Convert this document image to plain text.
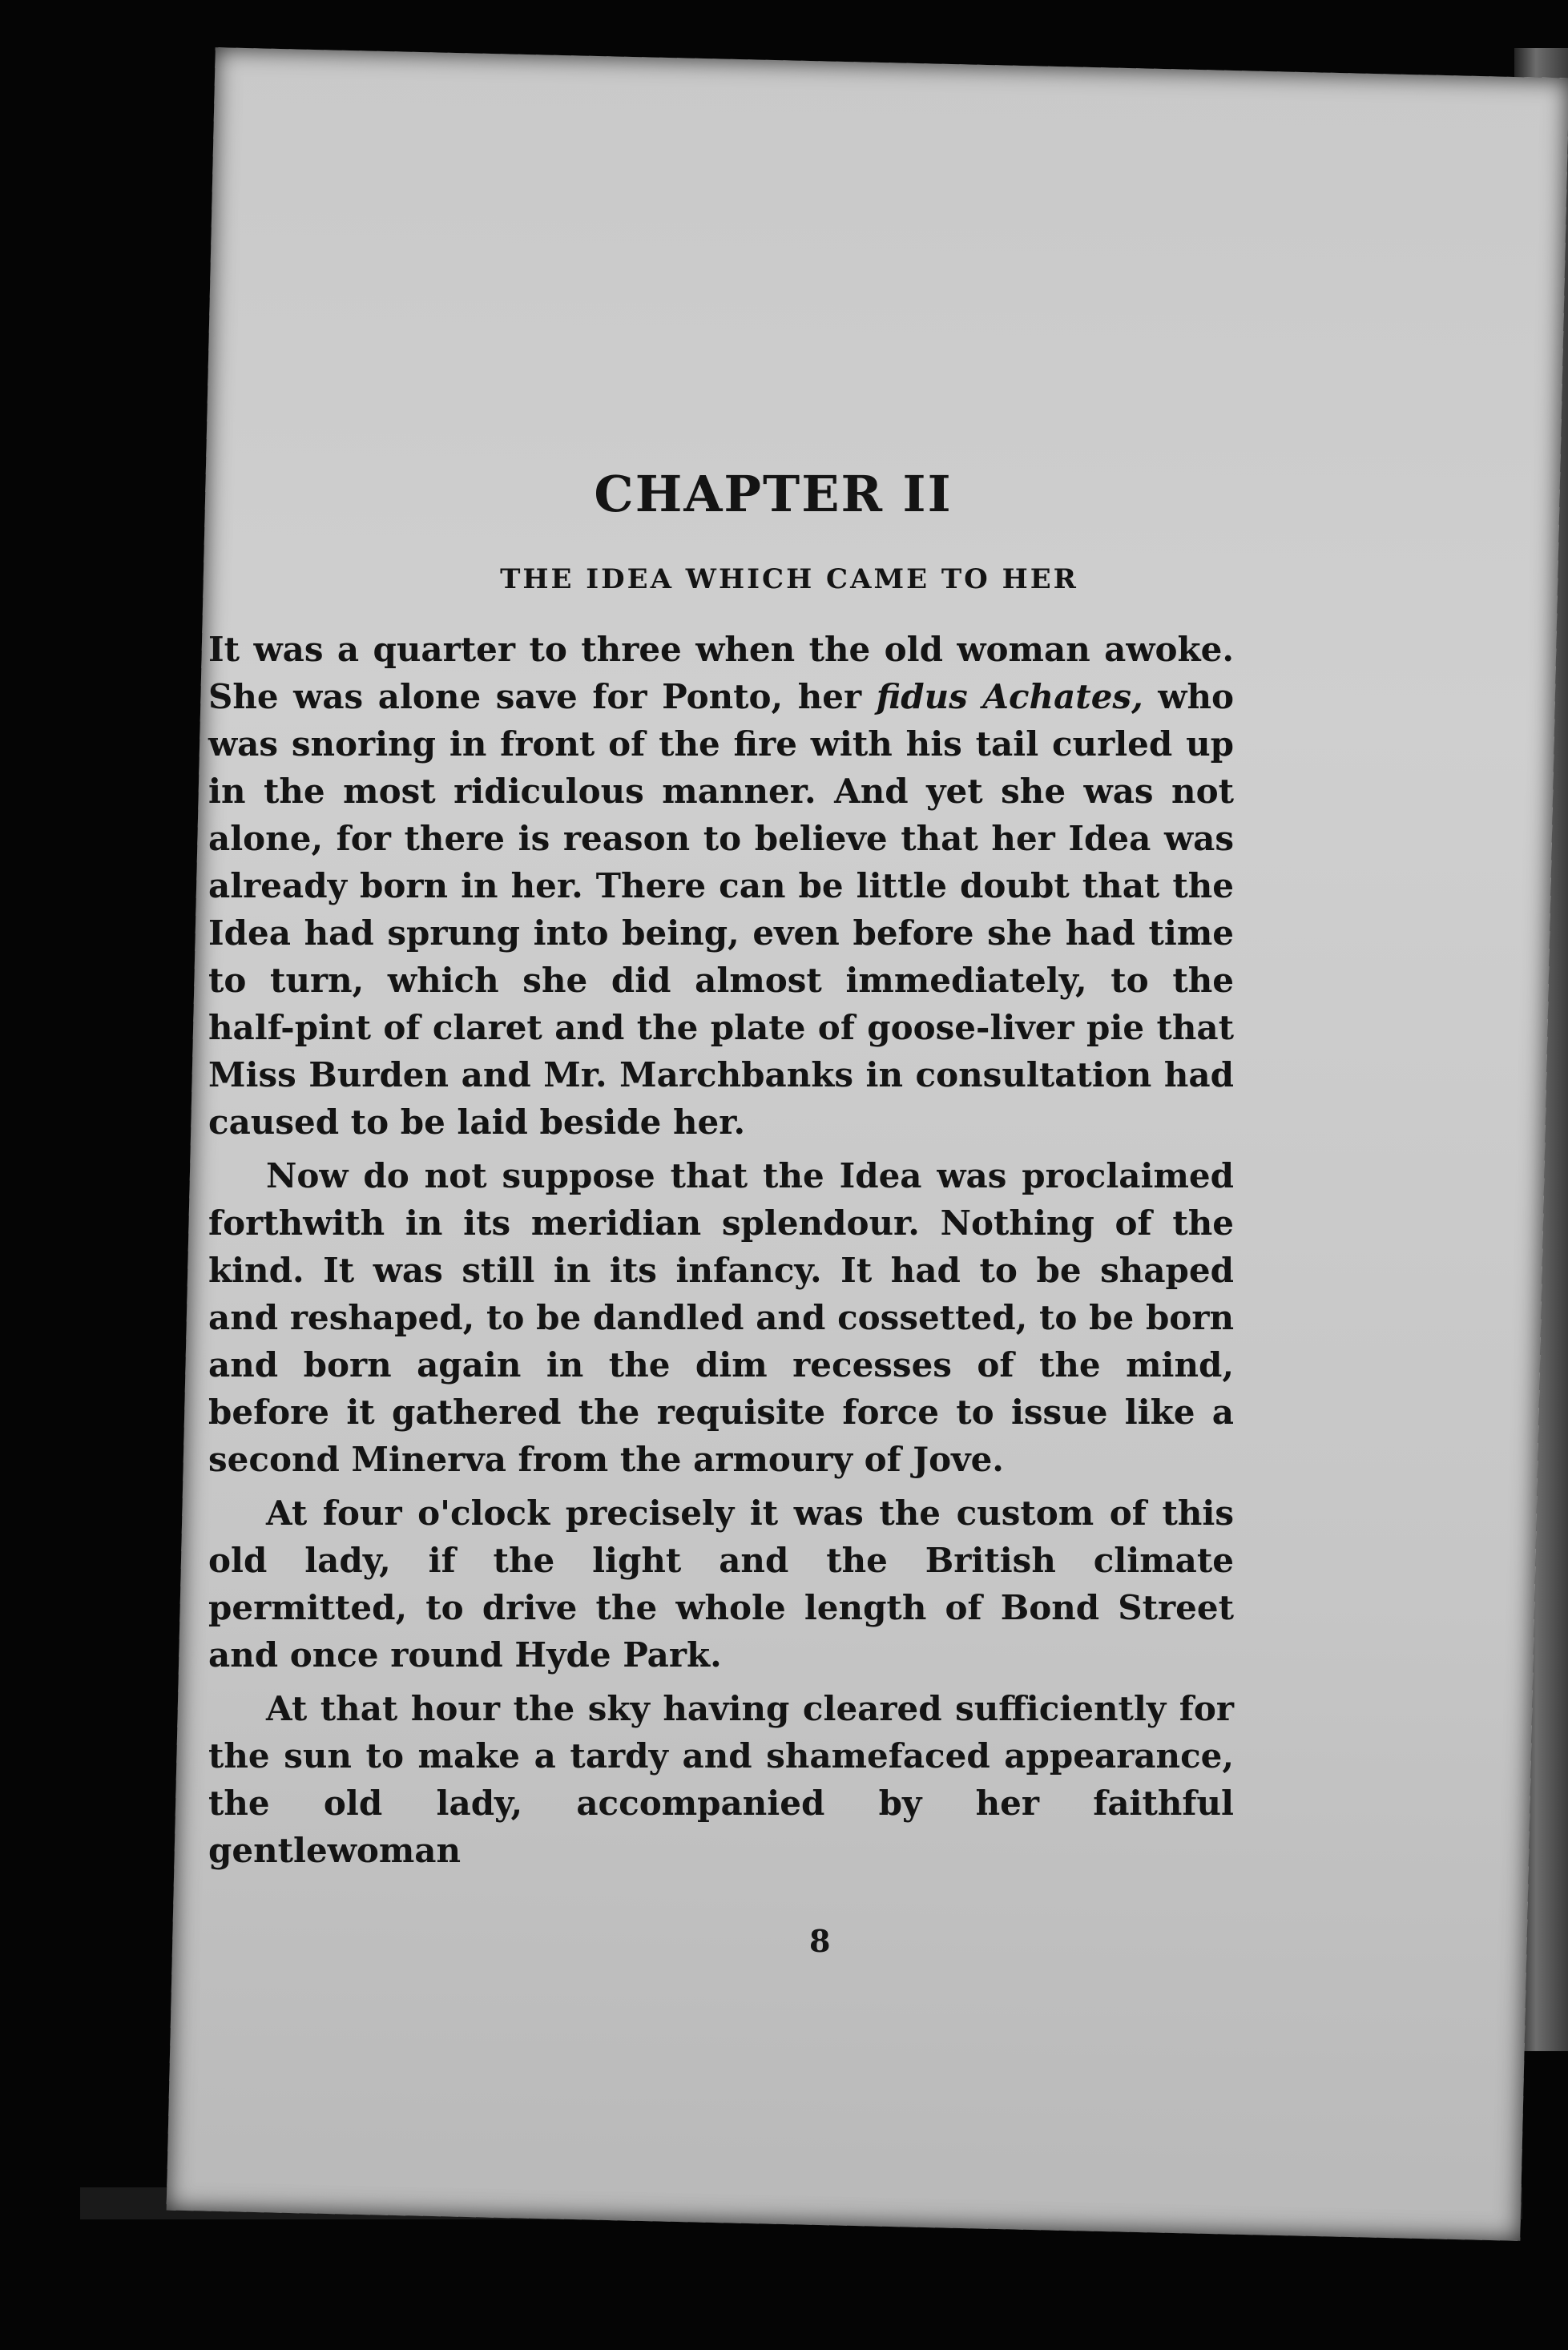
CHAPTER II
THE IDEA WHICH CAME TO HER

It was a quarter to three when the old woman awoke. She was alone save for Ponto, her fidus Achates, who was snoring in front of the fire with his tail curled up in the most ridiculous manner. And yet she was not alone, for there is reason to believe that her Idea was already born in her. There can be little doubt that the Idea had sprung into being, even before she had time to turn, which she did almost immediately, to the half-pint of claret and the plate of goose-liver pie that Miss Burden and Mr. Marchbanks in consultation had caused to be laid beside her.

Now do not suppose that the Idea was proclaimed forthwith in its meridian splendour. Nothing of the kind. It was still in its infancy. It had to be shaped and reshaped, to be dandled and cossetted, to be born and born again in the dim recesses of the mind, before it gathered the requisite force to issue like a second Minerva from the armoury of Jove.

At four o'clock precisely it was the custom of this old lady, if the light and the British climate permitted, to drive the whole length of Bond Street and once round Hyde Park.

At that hour the sky having cleared sufficiently for the sun to make a tardy and shamefaced appearance, the old lady, accompanied by her faithful gentlewoman

8
